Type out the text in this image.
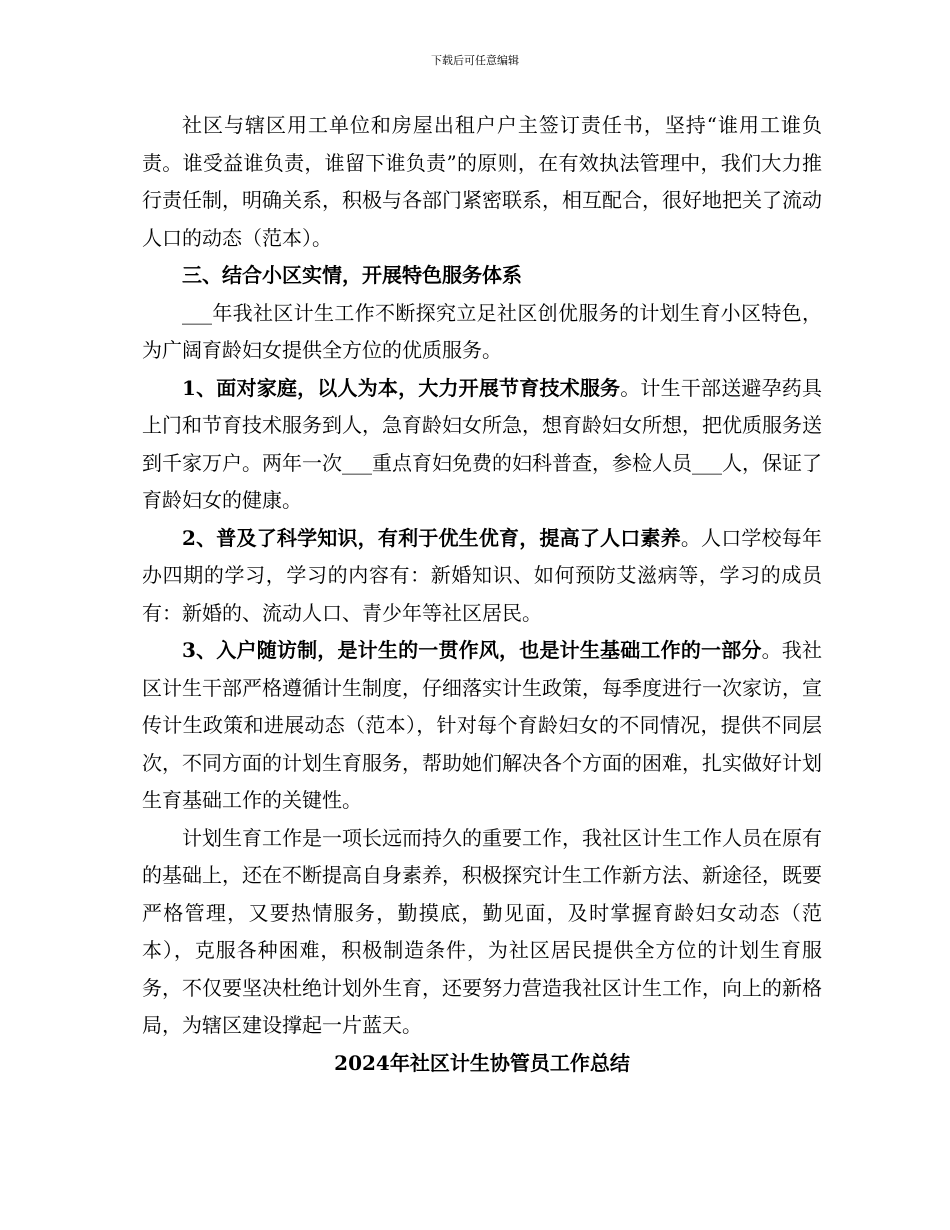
下载后可任意编辑

社区与辖区用工单位和房屋出租户户主签订责任书，坚持“谁用工谁负责。谁受益谁负责，谁留下谁负责”的原则，在有效执法管理中，我们大力推行责任制，明确关系，积极与各部门紧密联系，相互配合，很好地把关了流动人口的动态（范本）。

三、结合小区实情，开展特色服务体系

___年我社区计生工作不断探究立足社区创优服务的计划生育小区特色，为广阔育龄妇女提供全方位的优质服务。

1、面对家庭，以人为本，大力开展节育技术服务。计生干部送避孕药具上门和节育技术服务到人，急育龄妇女所急，想育龄妇女所想，把优质服务送到千家万户。两年一次___重点育妇免费的妇科普查，参检人员___人，保证了育龄妇女的健康。

2、普及了科学知识，有利于优生优育，提高了人口素养。人口学校每年办四期的学习，学习的内容有：新婚知识、如何预防艾滋病等，学习的成员有：新婚的、流动人口、青少年等社区居民。

3、入户随访制，是计生的一贯作风，也是计生基础工作的一部分。我社区计生干部严格遵循计生制度，仔细落实计生政策，每季度进行一次家访，宣传计生政策和进展动态（范本），针对每个育龄妇女的不同情况，提供不同层次，不同方面的计划生育服务，帮助她们解决各个方面的困难，扎实做好计划生育基础工作的关键性。

计划生育工作是一项长远而持久的重要工作，我社区计生工作人员在原有的基础上，还在不断提高自身素养，积极探究计生工作新方法、新途径，既要严格管理，又要热情服务，勤摸底，勤见面，及时掌握育龄妇女动态（范本），克服各种困难，积极制造条件，为社区居民提供全方位的计划生育服务，不仅要坚决杜绝计划外生育，还要努力营造我社区计生工作，向上的新格局，为辖区建设撑起一片蓝天。

2024年社区计生协管员工作总结
